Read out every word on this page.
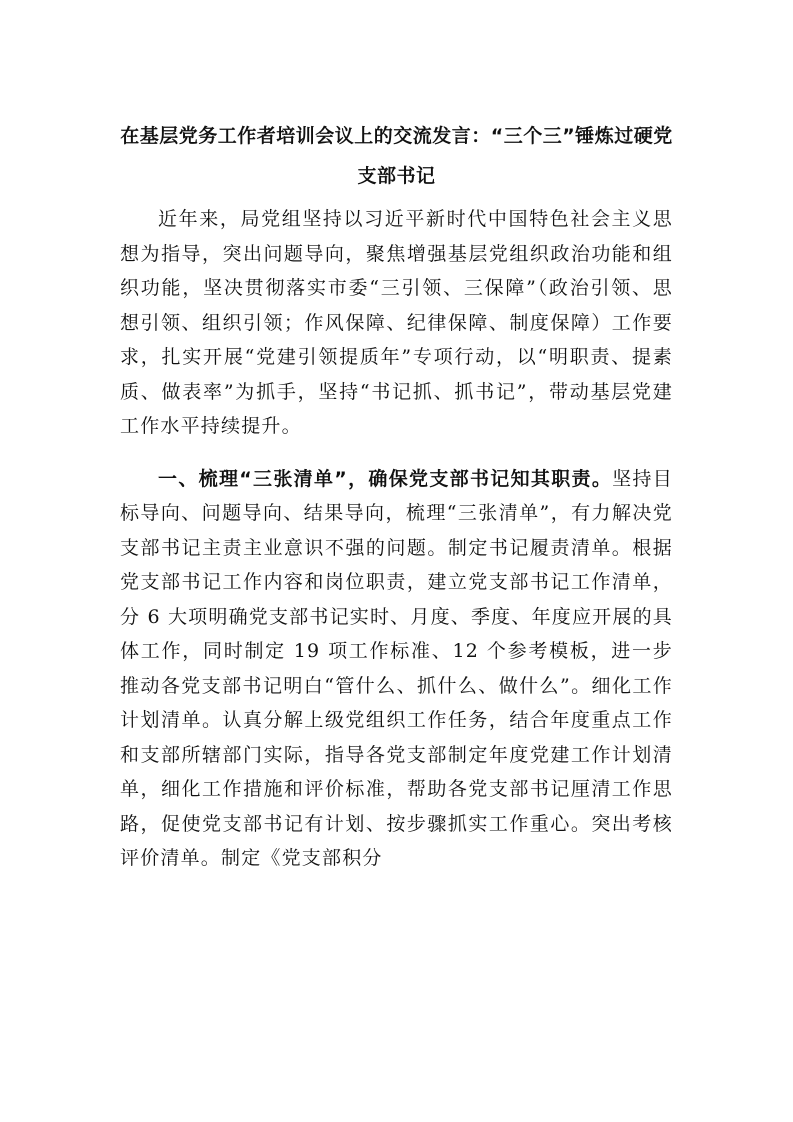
在基层党务工作者培训会议上的交流发言：“三个三”锤炼过硬党支部书记

近年来，局党组坚持以习近平新时代中国特色社会主义思想为指导，突出问题导向，聚焦增强基层党组织政治功能和组织功能，坚决贯彻落实市委“三引领、三保障”（政治引领、思想引领、组织引领；作风保障、纪律保障、制度保障）工作要求，扎实开展“党建引领提质年”专项行动，以“明职责、提素质、做表率”为抓手，坚持“书记抓、抓书记”，带动基层党建工作水平持续提升。

一、梳理“三张清单”，确保党支部书记知其职责。坚持目标导向、问题导向、结果导向，梳理“三张清单”，有力解决党支部书记主责主业意识不强的问题。制定书记履责清单。根据党支部书记工作内容和岗位职责，建立党支部书记工作清单，分 6 大项明确党支部书记实时、月度、季度、年度应开展的具体工作，同时制定 19 项工作标准、12 个参考模板，进一步推动各党支部书记明白“管什么、抓什么、做什么”。细化工作计划清单。认真分解上级党组织工作任务，结合年度重点工作和支部所辖部门实际，指导各党支部制定年度党建工作计划清单，细化工作措施和评价标准，帮助各党支部书记厘清工作思路，促使党支部书记有计划、按步骤抓实工作重心。突出考核评价清单。制定《党支部积分
